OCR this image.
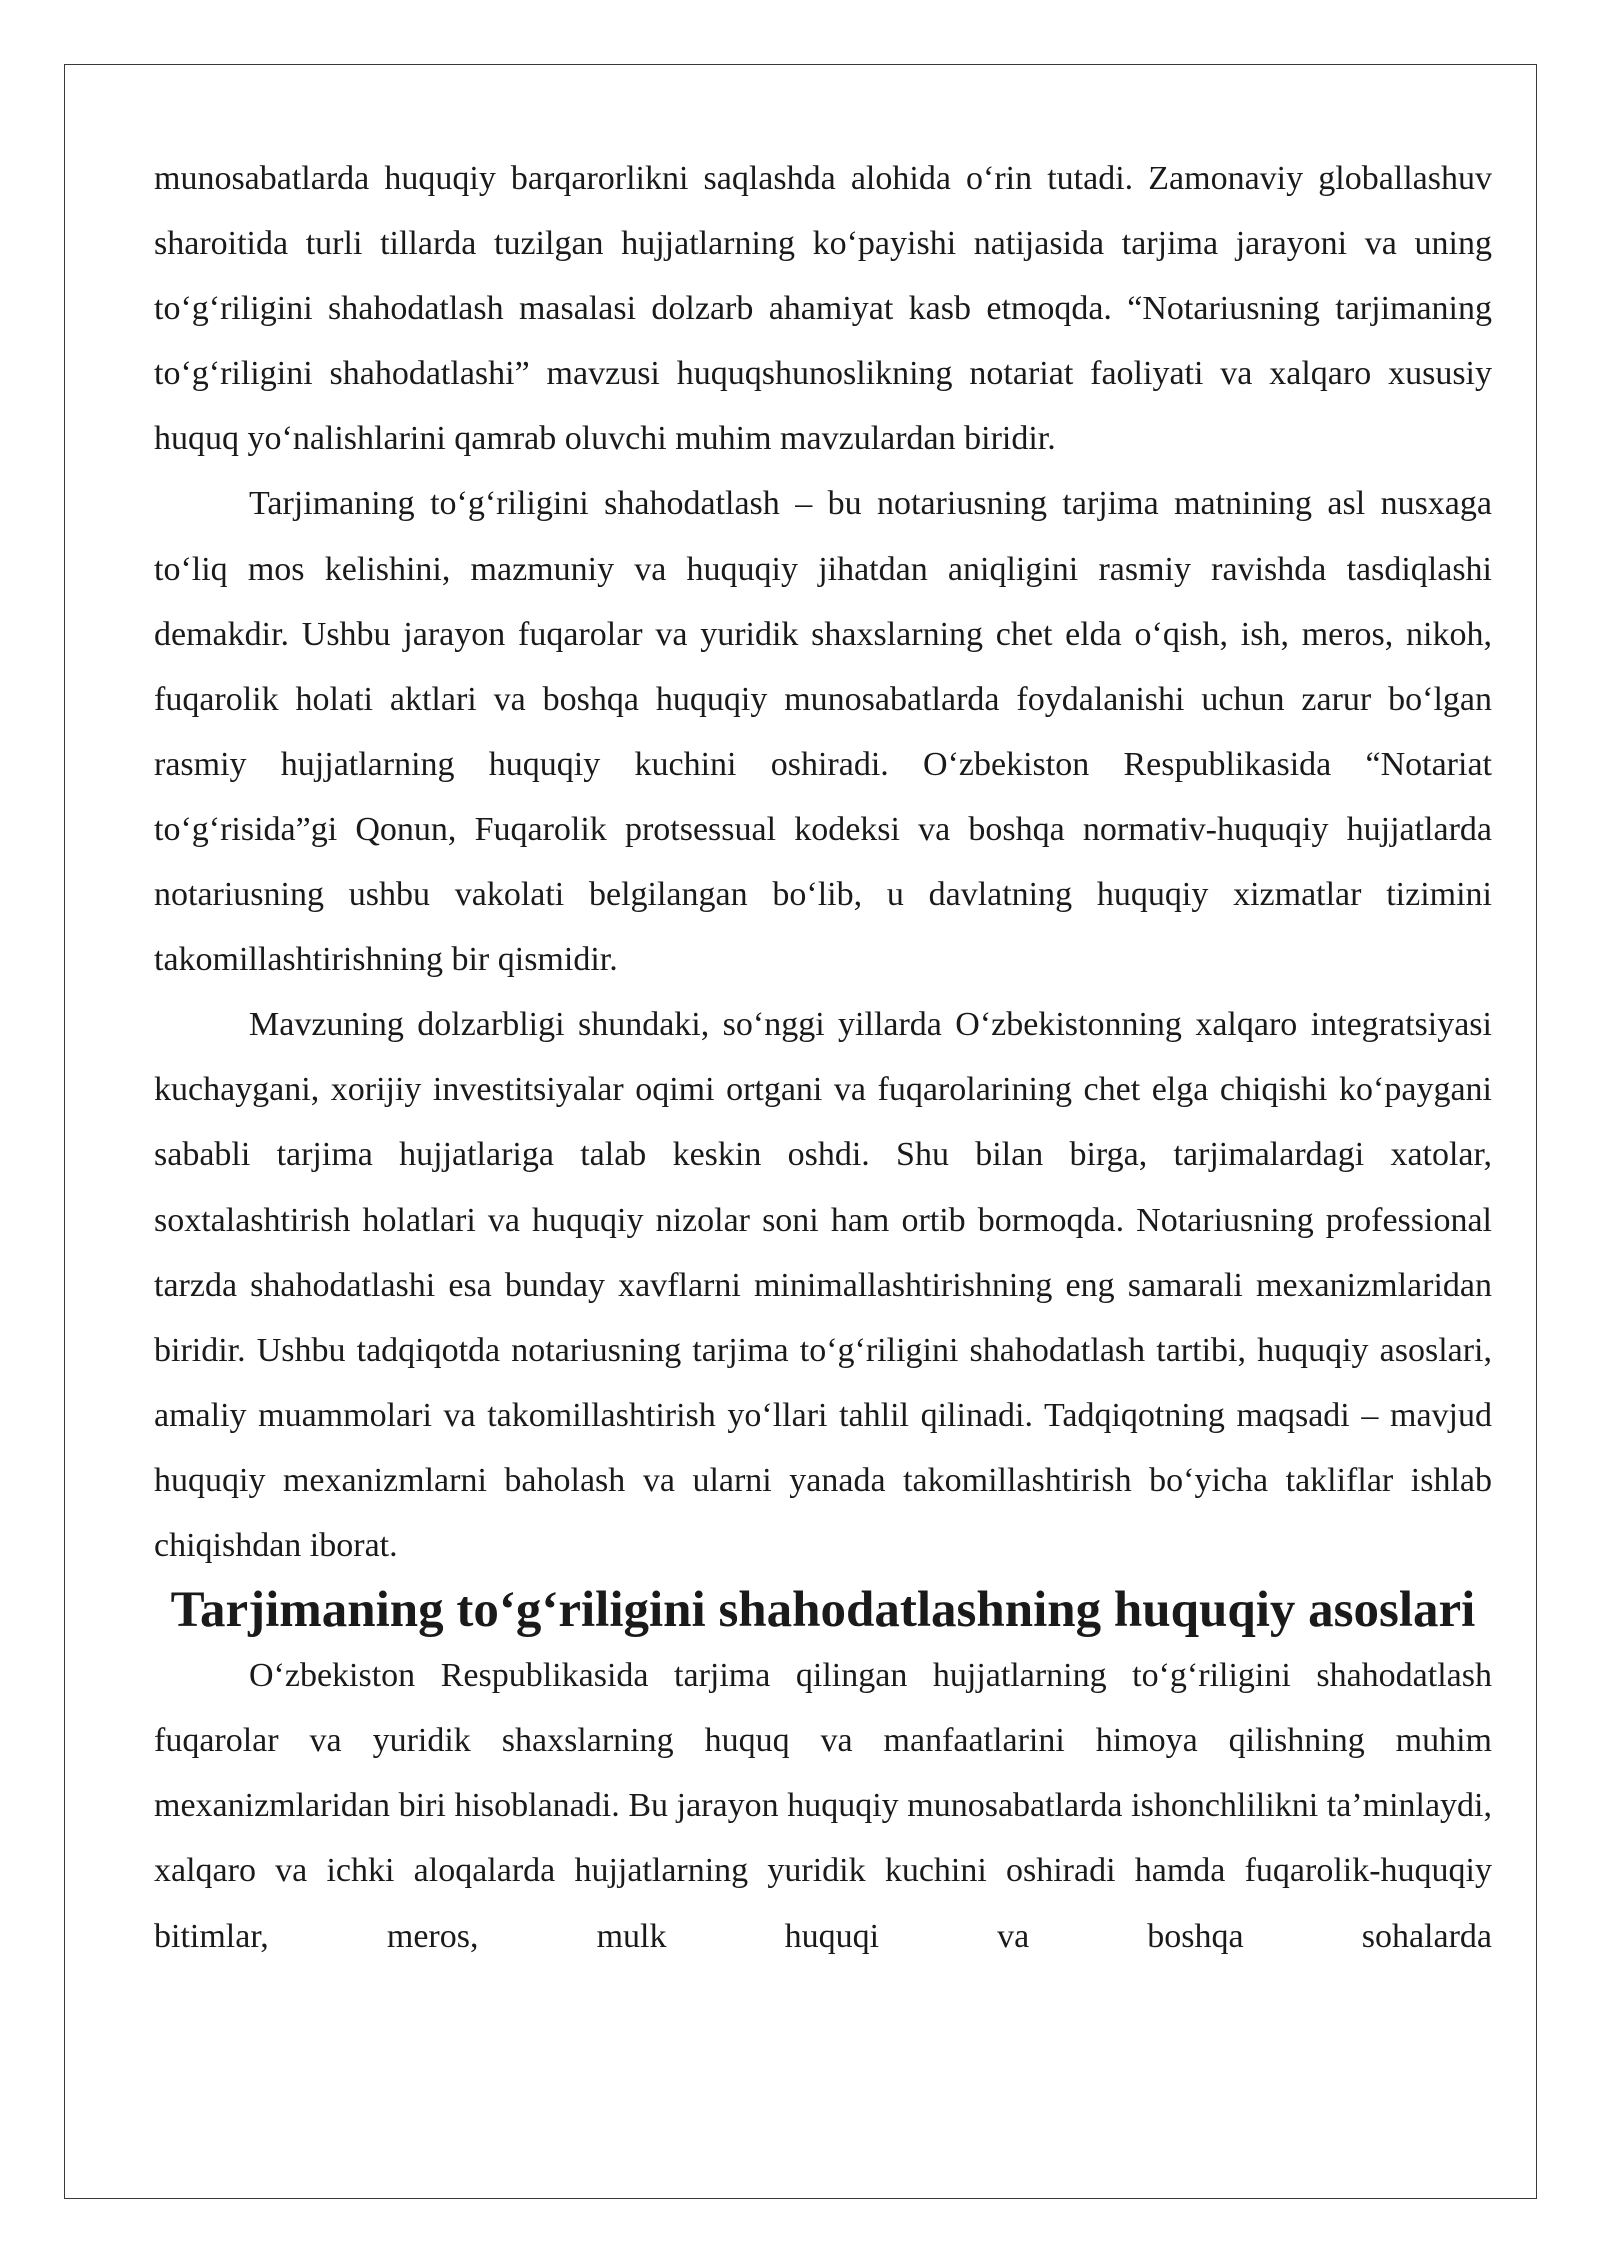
munosabatlarda huquqiy barqarorlikni saqlashda alohida o‘rin tutadi. Zamonaviy globallashuv sharoitida turli tillarda tuzilgan hujjatlarning ko‘payishi natijasida tarjima jarayoni va uning to‘g‘riligini shahodatlash masalasi dolzarb ahamiyat kasb etmoqda. “Notariusning tarjimaning to‘g‘riligini shahodatlashi” mavzusi huquqshunoslikning notariat faoliyati va xalqaro xususiy huquq yo‘nalishlarini qamrab oluvchi muhim mavzulardan biridir.

Tarjimaning to‘g‘riligini shahodatlash – bu notariusning tarjima matnining asl nusxaga to‘liq mos kelishini, mazmuniy va huquqiy jihatdan aniqligini rasmiy ravishda tasdiqlashi demakdir. Ushbu jarayon fuqarolar va yuridik shaxslarning chet elda o‘qish, ish, meros, nikoh, fuqarolik holati aktlari va boshqa huquqiy munosabatlarda foydalanishi uchun zarur bo‘lgan rasmiy hujjatlarning huquqiy kuchini oshiradi. O‘zbekiston Respublikasida “Notariat to‘g‘risida”gi Qonun, Fuqarolik protsessual kodeksi va boshqa normativ-huquqiy hujjatlarda notariusning ushbu vakolati belgilangan bo‘lib, u davlatning huquqiy xizmatlar tizimini takomillashtirishning bir qismidir.

Mavzuning dolzarbligi shundaki, so‘nggi yillarda O‘zbekistonning xalqaro integratsiyasi kuchaygani, xorijiy investitsiyalar oqimi ortgani va fuqarolarining chet elga chiqishi ko‘paygani sababli tarjima hujjatlariga talab keskin oshdi. Shu bilan birga, tarjimalardagi xatolar, soxtalashtirish holatlari va huquqiy nizolar soni ham ortib bormoqda. Notariusning professional tarzda shahodatlashi esa bunday xavflarni minimallashtirishning eng samarali mexanizmlaridan biridir. Ushbu tadqiqotda notariusning tarjima to‘g‘riligini shahodatlash tartibi, huquqiy asoslari, amaliy muammolari va takomillashtirish yo‘llari tahlil qilinadi. Tadqiqotning maqsadi – mavjud huquqiy mexanizmlarni baholash va ularni yanada takomillashtirish bo‘yicha takliflar ishlab chiqishdan iborat.

Tarjimaning to‘g‘riligini shahodatlashning huquqiy asoslari

O‘zbekiston Respublikasida tarjima qilingan hujjatlarning to‘g‘riligini shahodatlash fuqarolar va yuridik shaxslarning huquq va manfaatlarini himoya qilishning muhim mexanizmlaridan biri hisoblanadi. Bu jarayon huquqiy munosabatlarda ishonchlilikni ta’minlaydi, xalqaro va ichki aloqalarda hujjatlarning yuridik kuchini oshiradi hamda fuqarolik-huquqiy bitimlar, meros, mulk huquqi va boshqa sohalarda
